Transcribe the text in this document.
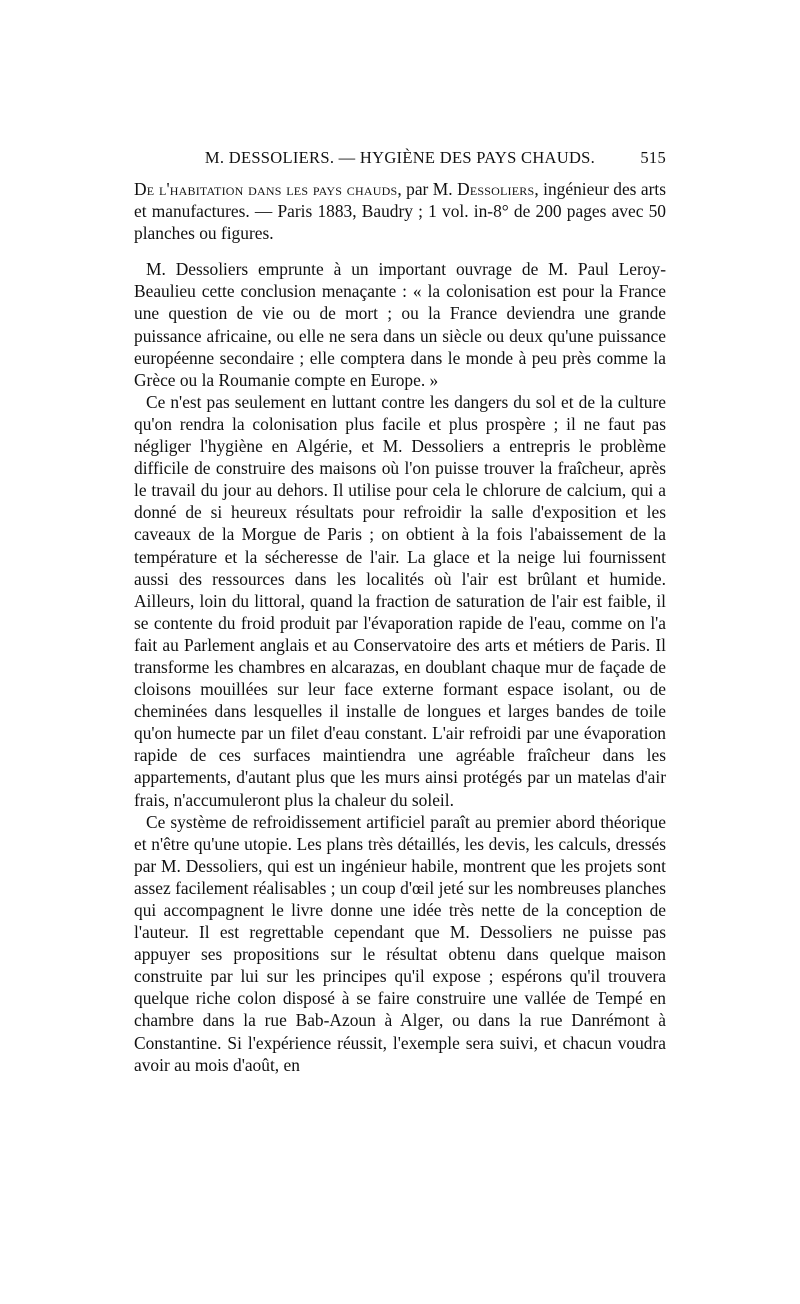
M. DESSOLIERS. — HYGIÈNE DES PAYS CHAUDS.	515

De l'habitation dans les pays chauds, par M. Dessoliers, ingénieur des arts et manufactures. — Paris 1883, Baudry ; 1 vol. in-8° de 200 pages avec 50 planches ou figures.

M. Dessoliers emprunte à un important ouvrage de M. Paul Leroy-Beaulieu cette conclusion menaçante : « la colonisation est pour la France une question de vie ou de mort ; ou la France deviendra une grande puissance africaine, ou elle ne sera dans un siècle ou deux qu'une puissance européenne secondaire ; elle comptera dans le monde à peu près comme la Grèce ou la Roumanie compte en Europe. »

Ce n'est pas seulement en luttant contre les dangers du sol et de la culture qu'on rendra la colonisation plus facile et plus prospère ; il ne faut pas négliger l'hygiène en Algérie, et M. Dessoliers a entrepris le problème difficile de construire des maisons où l'on puisse trouver la fraîcheur, après le travail du jour au dehors. Il utilise pour cela le chlorure de calcium, qui a donné de si heureux résultats pour refroidir la salle d'exposition et les caveaux de la Morgue de Paris ; on obtient à la fois l'abaissement de la température et la sécheresse de l'air. La glace et la neige lui fournissent aussi des ressources dans les localités où l'air est brûlant et humide. Ailleurs, loin du littoral, quand la fraction de saturation de l'air est faible, il se contente du froid produit par l'évaporation rapide de l'eau, comme on l'a fait au Parlement anglais et au Conservatoire des arts et métiers de Paris. Il transforme les chambres en alcarazas, en doublant chaque mur de façade de cloisons mouillées sur leur face externe formant espace isolant, ou de cheminées dans lesquelles il installe de longues et larges bandes de toile qu'on humecte par un filet d'eau constant. L'air refroidi par une évaporation rapide de ces surfaces maintiendra une agréable fraîcheur dans les appartements, d'autant plus que les murs ainsi protégés par un matelas d'air frais, n'accumuleront plus la chaleur du soleil.

Ce système de refroidissement artificiel paraît au premier abord théorique et n'être qu'une utopie. Les plans très détaillés, les devis, les calculs, dressés par M. Dessoliers, qui est un ingénieur habile, montrent que les projets sont assez facilement réalisables ; un coup d'œil jeté sur les nombreuses planches qui accompagnent le livre donne une idée très nette de la conception de l'auteur. Il est regrettable cependant que M. Dessoliers ne puisse pas appuyer ses propositions sur le résultat obtenu dans quelque maison construite par lui sur les principes qu'il expose ; espérons qu'il trouvera quelque riche colon disposé à se faire construire une vallée de Tempé en chambre dans la rue Bab-Azoun à Alger, ou dans la rue Danrémont à Constantine. Si l'expérience réussit, l'exemple sera suivi, et chacun voudra avoir au mois d'août, en
